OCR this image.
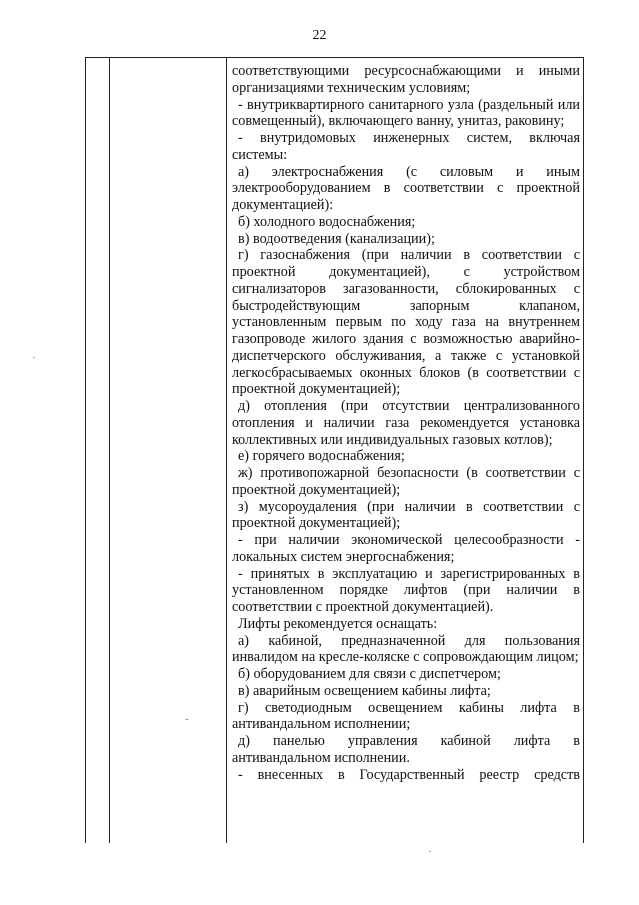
22

соответствующими ресурсоснабжающими и иными организациями техническим условиям;

- внутриквартирного санитарного узла (раздельный или совмещенный), включающего ванну, унитаз, раковину;

- внутридомовых инженерных систем, включая системы:

а) электроснабжения (с силовым и иным электрооборудованием в соответствии с проектной документацией):

б) холодного водоснабжения;

в) водоотведения (канализации);

г) газоснабжения (при наличии в соответствии с проектной документацией), с устройством сигнализаторов загазованности, сблокированных с быстродействующим запорным клапаном, установленным первым по ходу газа на внутреннем газопроводе жилого здания с возможностью аварийно-диспетчерского обслуживания, а также с установкой легкосбрасываемых оконных блоков (в соответствии с проектной документацией);

д) отопления (при отсутствии централизованного отопления и наличии газа рекомендуется установка коллективных или индивидуальных газовых котлов);

е) горячего водоснабжения;

ж) противопожарной безопасности (в соответствии с проектной документацией);

з) мусороудаления (при наличии в соответствии с проектной документацией);

- при наличии экономической целесообразности - локальных систем энергоснабжения;

- принятых в эксплуатацию и зарегистрированных в установленном порядке лифтов (при наличии в соответствии с проектной документацией).

Лифты рекомендуется оснащать:

а) кабиной, предназначенной для пользования инвалидом на кресле-коляске с сопровождающим лицом;

б) оборудованием для связи с диспетчером;

в) аварийным освещением кабины лифта;

г) светодиодным освещением кабины лифта в антивандальном исполнении;

д) панелью управления кабиной лифта в антивандальном исполнении.

- внесенных в Государственный реестр средств

·
-
·
